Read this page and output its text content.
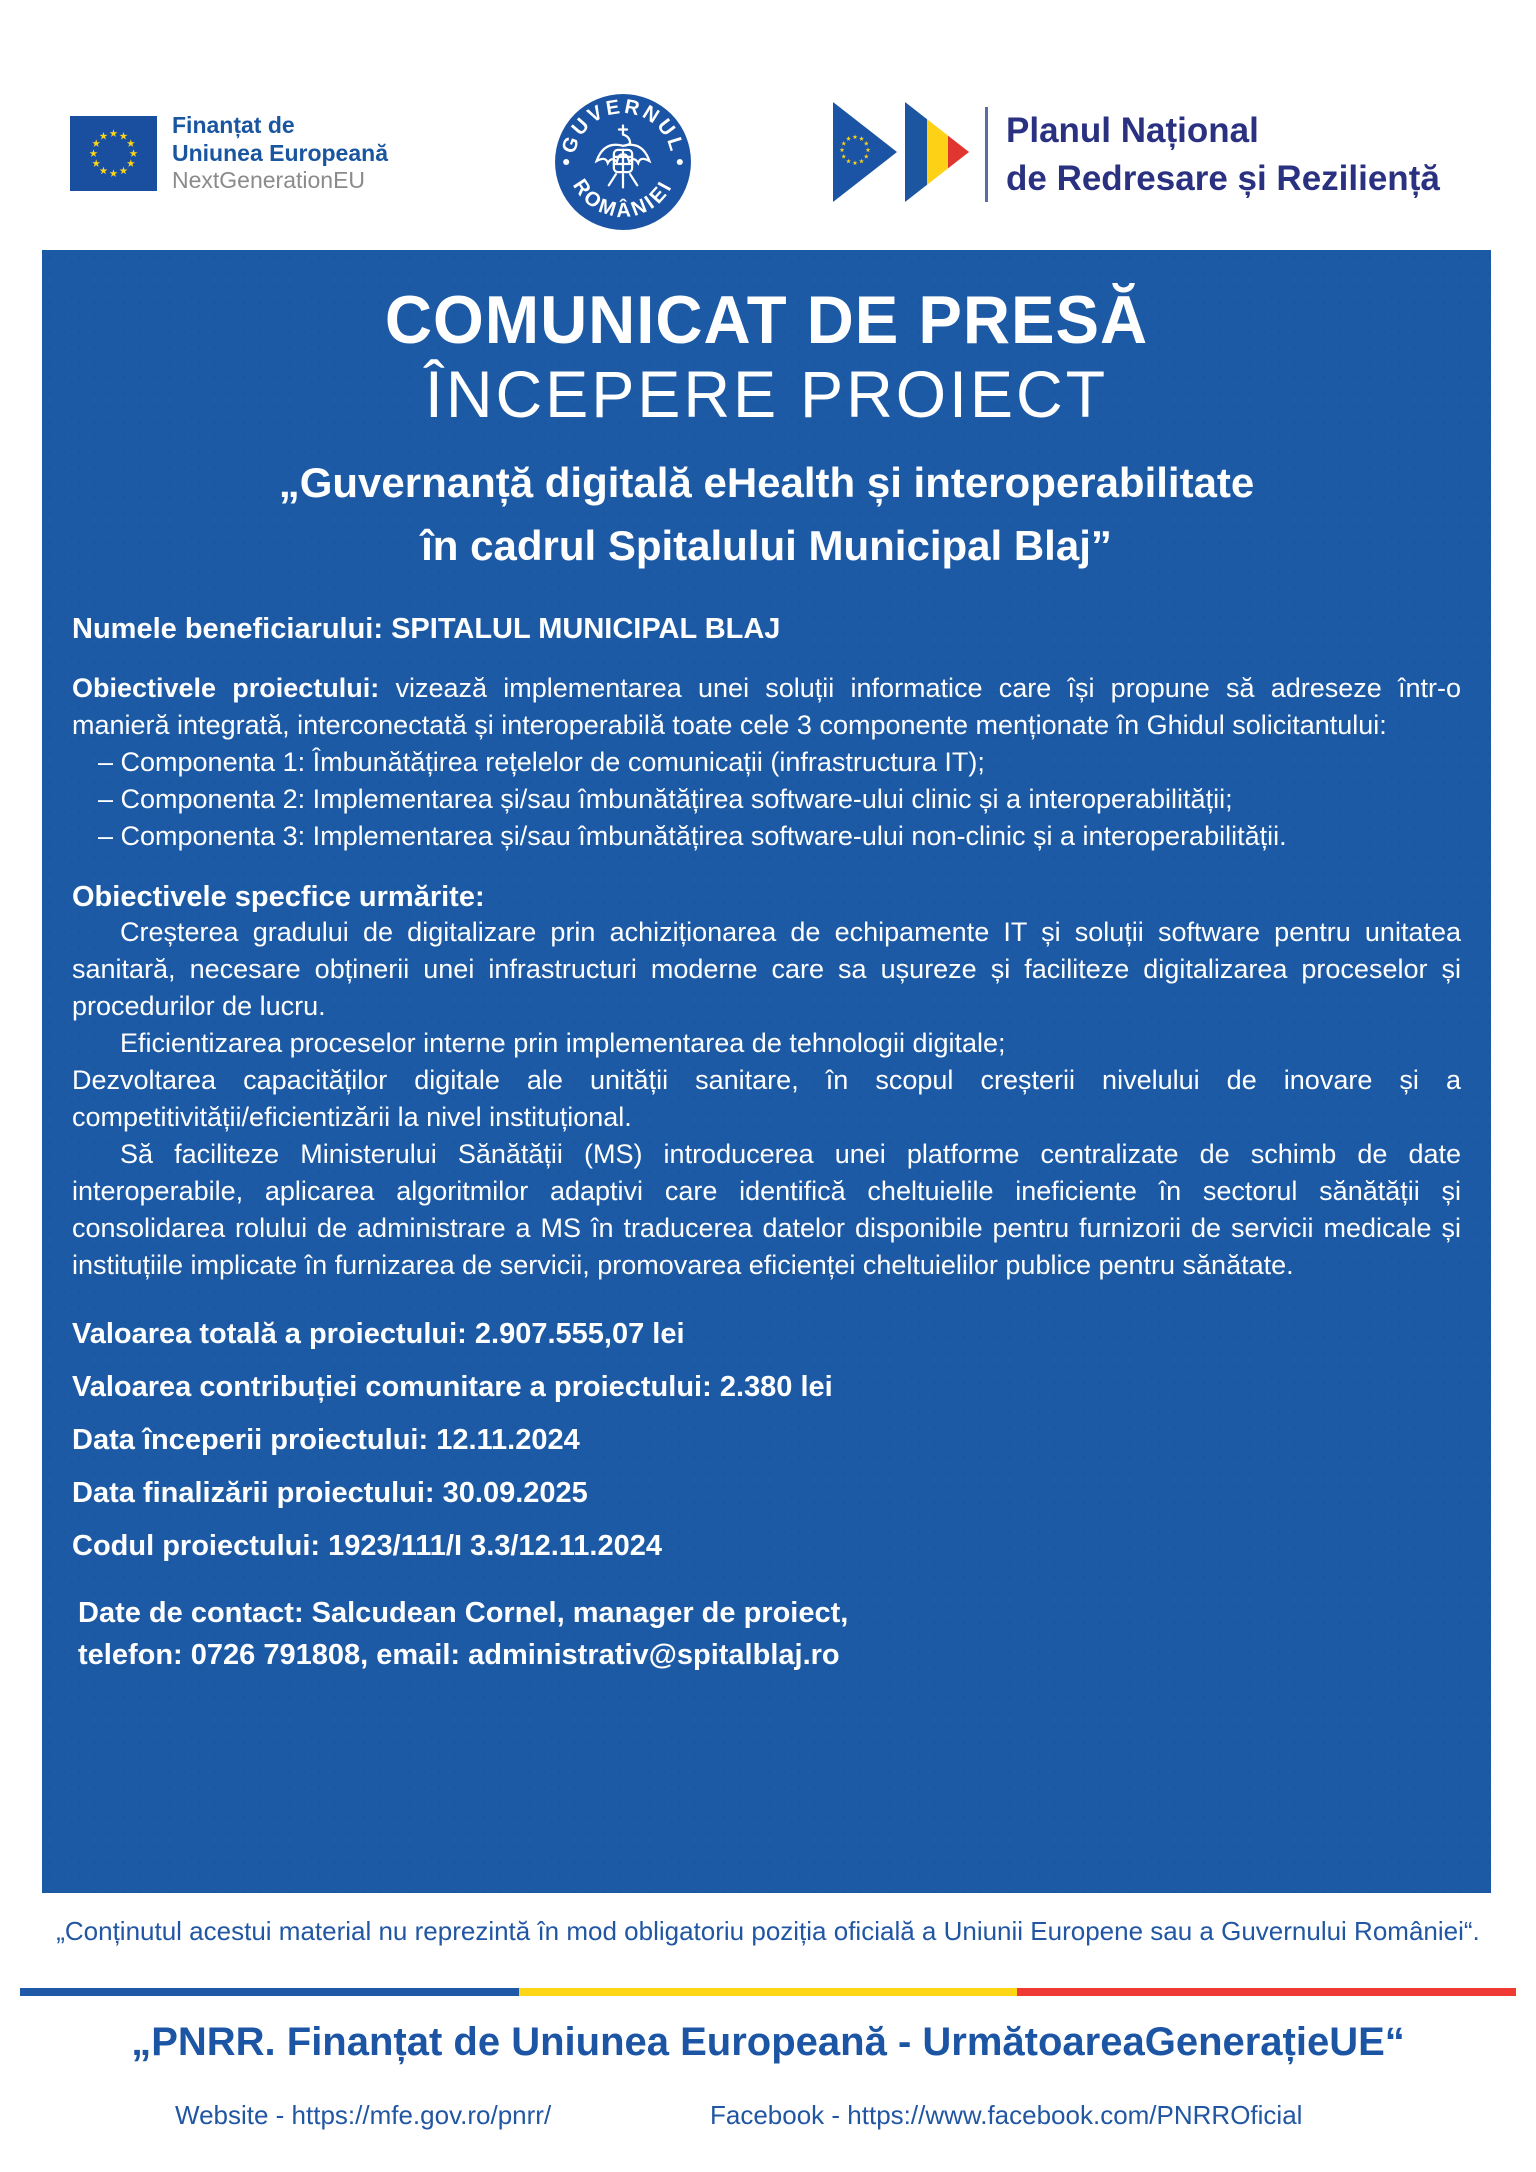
Finanțat de
Uniunea Europeană
NextGenerationEU
GUVERNUL
ROMÂNIEI
Planul Național
de Redresare și Reziliență
COMUNICAT DE PRESĂ
ÎNCEPERE PROIECT
„Guvernanță digitală eHealth și interoperabilitate
în cadrul Spitalului Municipal Blaj”

Numele beneficiarului: SPITALUL MUNICIPAL BLAJ

Obiectivele proiectului: vizează implementarea unei soluții informatice care își propune să adreseze într-o manieră integrată, interconectată și interoperabilă toate cele 3 componente menționate în Ghidul solicitantului:

– Componenta 1: Îmbunătățirea rețelelor de comunicații (infrastructura IT);

– Componenta 2: Implementarea și/sau îmbunătățirea software-ului clinic și a interoperabilității;

– Componenta 3: Implementarea și/sau îmbunătățirea software-ului non-clinic și a interoperabilității.

Obiectivele specfice urmărite:

Creșterea gradului de digitalizare prin achiziționarea de echipamente IT și soluții software pentru unitatea sanitară, necesare obținerii unei infrastructuri moderne care sa ușureze și faciliteze digitalizarea proceselor și procedurilor de lucru.

Eficientizarea proceselor interne prin implementarea de tehnologii digitale;

Dezvoltarea capacităților digitale ale unității sanitare, în scopul creșterii nivelului de inovare și a competitivității/eficientizării la nivel instituțional.

Să faciliteze Ministerului Sănătății (MS) introducerea unei platforme centralizate de schimb de date interoperabile, aplicarea algoritmilor adaptivi care identifică cheltuielile ineficiente în sectorul sănătății și consolidarea rolului de administrare a MS în traducerea datelor disponibile pentru furnizorii de servicii medicale și instituțiile implicate în furnizarea de servicii, promovarea eficienței cheltuielilor publice pentru sănătate.

Valoarea totală a proiectului: 2.907.555,07 lei

Valoarea contribuției comunitare a proiectului: 2.380 lei

Data începerii proiectului: 12.11.2024

Data finalizării proiectului: 30.09.2025

Codul proiectului: 1923/111/I 3.3/12.11.2024

Date de contact: Salcudean Cornel, manager de proiect,
telefon: 0726 791808, email: administrativ@spitalblaj.ro

„Conținutul acestui material nu reprezintă în mod obligatoriu poziția oficială a Uniunii Europene sau a Guvernului României“.

„PNRR. Finanțat de Uniunea Europeană - UrmătoareaGenerațieUE“

Website - https://mfe.gov.ro/pnrr/	Facebook - https://www.facebook.com/PNRROficial
